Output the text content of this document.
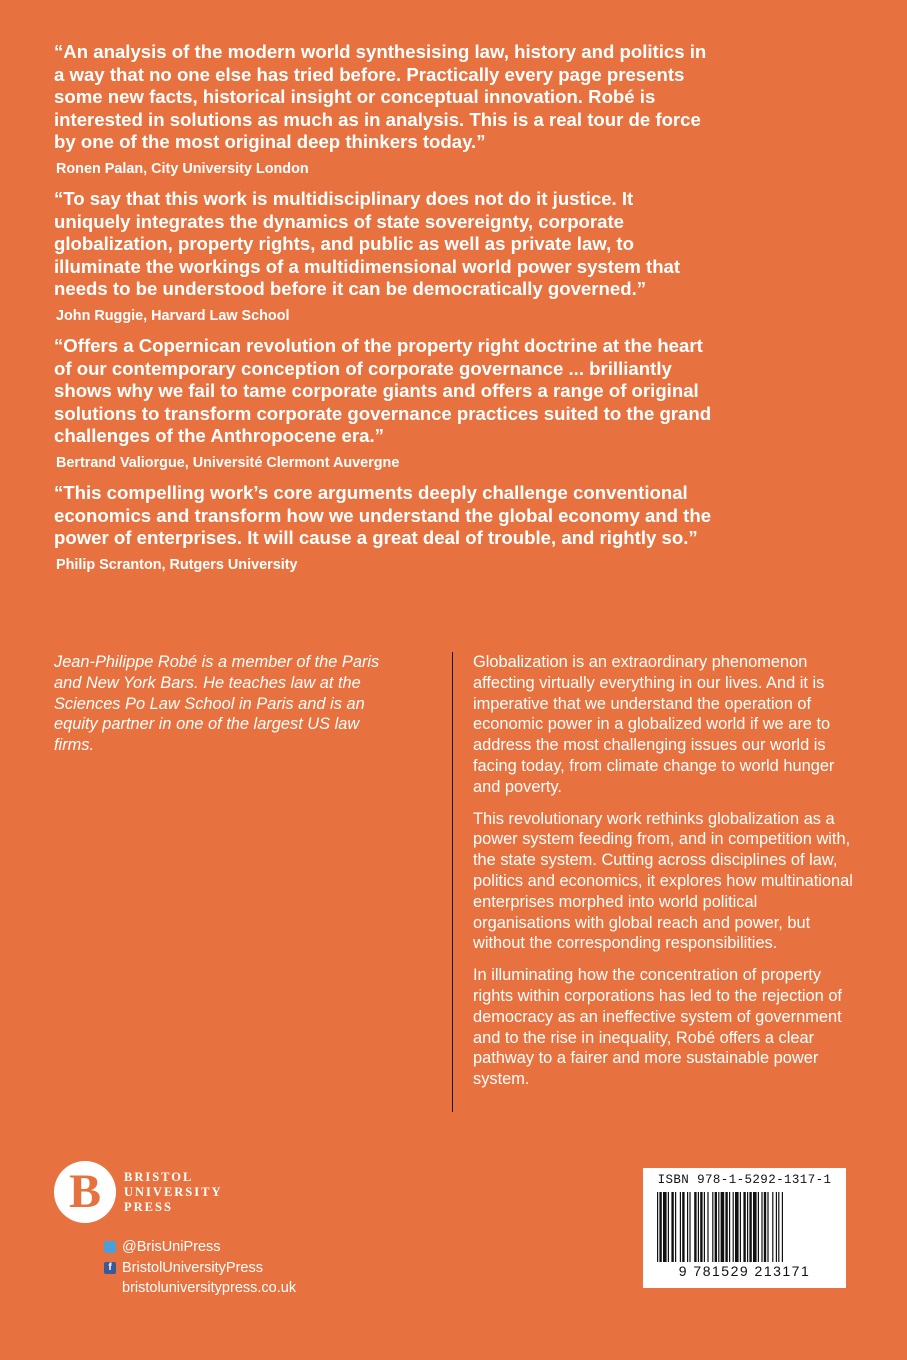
“An analysis of the modern world synthesising law, history and politics in a way that no one else has tried before. Practically every page presents some new facts, historical insight or conceptual innovation. Robé is interested in solutions as much as in analysis. This is a real tour de force by one of the most original deep thinkers today.”

Ronen Palan, City University London

“To say that this work is multidisciplinary does not do it justice. It uniquely integrates the dynamics of state sovereignty, corporate globalization, property rights, and public as well as private law, to illuminate the workings of a multidimensional world power system that needs to be understood before it can be democratically governed.”

John Ruggie, Harvard Law School

“Offers a Copernican revolution of the property right doctrine at the heart of our contemporary conception of corporate governance ... brilliantly shows why we fail to tame corporate giants and offers a range of original solutions to transform corporate governance practices suited to the grand challenges of the Anthropocene era.”

Bertrand Valiorgue, Université Clermont Auvergne

“This compelling work’s core arguments deeply challenge conventional economics and transform how we understand the global economy and the power of enterprises. It will cause a great deal of trouble, and rightly so.”

Philip Scranton, Rutgers University

Jean-Philippe Robé is a member of the Paris and New York Bars. He teaches law at the Sciences Po Law School in Paris and is an equity partner in one of the largest US law firms.

Globalization is an extraordinary phenomenon affecting virtually everything in our lives. And it is imperative that we understand the operation of economic power in a globalized world if we are to address the most challenging issues our world is facing today, from climate change to world hunger and poverty.

This revolutionary work rethinks globalization as a power system feeding from, and in competition with, the state system. Cutting across disciplines of law, politics and economics, it explores how multinational enterprises morphed into world political organisations with global reach and power, but without the corresponding responsibilities.

In illuminating how the concentration of property rights within corporations has led to the rejection of democracy as an ineffective system of government and to the rise in inequality, Robé offers a clear pathway to a fairer and more sustainable power system.

B	BRISTOL
UNIVERSITY
PRESS
@BrisUniPress
f BristolUniversityPress
bristoluniversitypress.co.uk
ISBN 978-1-5292-1317-1
9 781529 213171
